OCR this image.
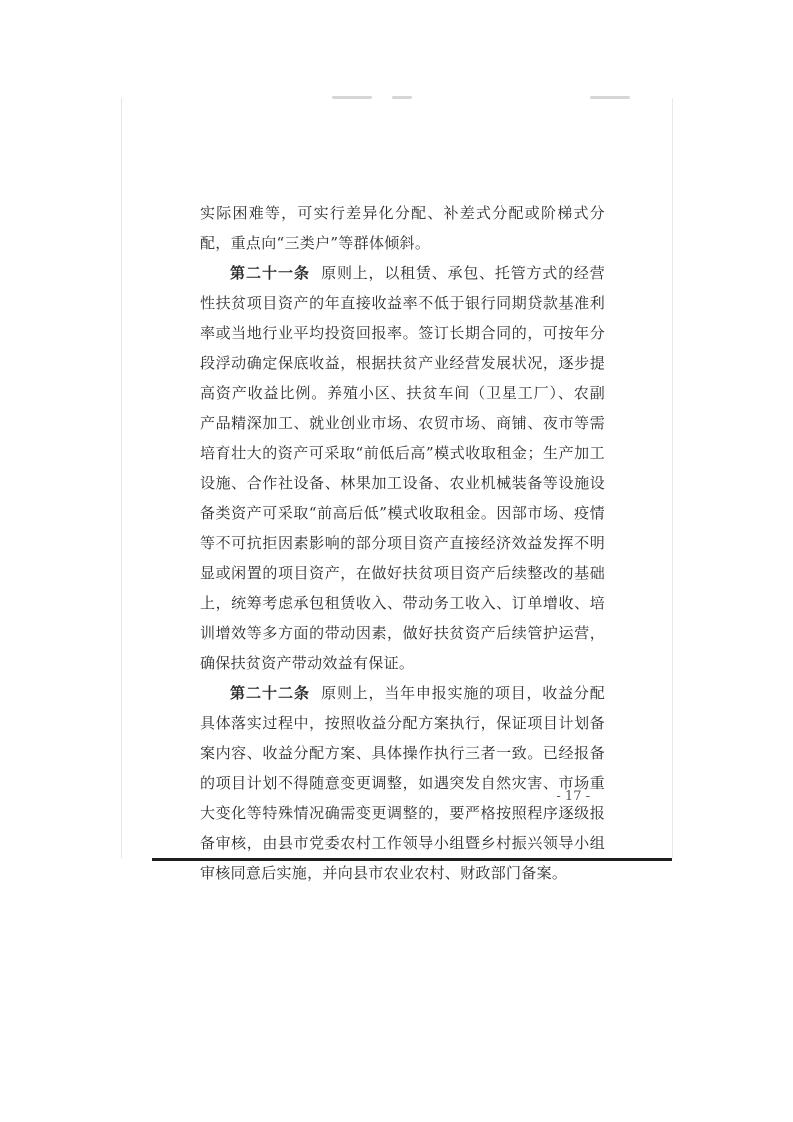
实际困难等，可实行差异化分配、补差式分配或阶梯式分配，重点向“三类户”等群体倾斜。

第二十一条 原则上，以租赁、承包、托管方式的经营性扶贫项目资产的年直接收益率不低于银行同期贷款基准利率或当地行业平均投资回报率。签订长期合同的，可按年分段浮动确定保底收益，根据扶贫产业经营发展状况，逐步提高资产收益比例。养殖小区、扶贫车间（卫星工厂）、农副产品精深加工、就业创业市场、农贸市场、商铺、夜市等需培育壮大的资产可采取“前低后高”模式收取租金；生产加工设施、合作社设备、林果加工设备、农业机械装备等设施设备类资产可采取“前高后低”模式收取租金。因部市场、疫情等不可抗拒因素影响的部分项目资产直接经济效益发挥不明显或闲置的项目资产，在做好扶贫项目资产后续整改的基础上，统筹考虑承包租赁收入、带动务工收入、订单增收、培训增效等多方面的带动因素，做好扶贫资产后续管护运营，确保扶贫资产带动效益有保证。

第二十二条 原则上，当年申报实施的项目，收益分配具体落实过程中，按照收益分配方案执行，保证项目计划备案内容、收益分配方案、具体操作执行三者一致。已经报备的项目计划不得随意变更调整，如遇突发自然灾害、市场重大变化等特殊情况确需变更调整的，要严格按照程序逐级报备审核，由县市党委农村工作领导小组暨乡村振兴领导小组审核同意后实施，并向县市农业农村、财政部门备案。

- 17 -
